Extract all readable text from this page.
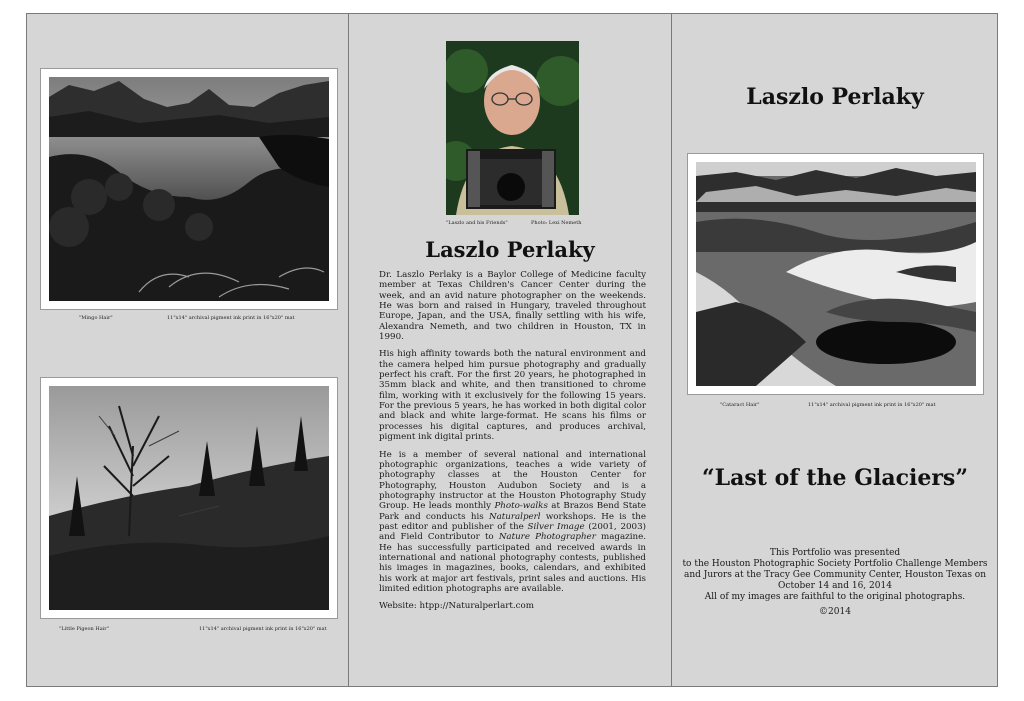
"Mingo Hair"	11"x14" archival pigment ink print in 16"x20" mat
"Little Pigeon Hair"	11"x14" archival pigment ink print in 16"x20" mat
"Laszlo and his Friends"	Photo: Lexi Nemeth
Laszlo Perlaky

Dr. Laszlo Perlaky is a Baylor College of Medicine faculty member at Texas Children's Cancer Center during the week, and an avid nature photographer on the weekends. He was born and raised in Hungary, traveled throughout Europe, Japan, and the USA, finally settling with his wife, Alexandra Nemeth, and two children in Houston, TX in 1990.

His high affinity towards both the natural environment and the camera helped him pursue photography and gradually perfect his craft. For the first 20 years, he photographed in 35mm black and white, and then transitioned to chrome film, working with it exclusively for the following 15 years. For the previous 5 years, he has worked in both digital color and black and white large-format. He scans his films or processes his digital captures, and produces archival, pigment ink digital prints.

He is a member of several national and international photographic organizations, teaches a wide variety of photography classes at the Houston Center for Photography, Houston Audubon Society and is a photography instructor at the Houston Photography Study Group. He leads monthly Photo-walks at Brazos Bend State Park and conducts his Naturalperl workshops. He is the past editor and publisher of the Silver Image (2001, 2003) and Field Contributor to Nature Photographer magazine. He has successfully participated and received awards in international and national photography contests, published his images in magazines, books, calendars, and exhibited his work at major art festivals, print sales and auctions. His limited edition photographs are available.

Website: htpp://Naturalperlart.com

Laszlo Perlaky
"Cataract Hair"	11"x14" archival pigment ink print in 16"x20" mat
“Last of the Glaciers”
This Portfolio was presented
to the Houston Photographic Society Portfolio Challenge Members
and Jurors at the Tracy Gee Community Center, Houston Texas on
October 14 and 16, 2014
All of my images are faithful to the original photographs.
©2014
